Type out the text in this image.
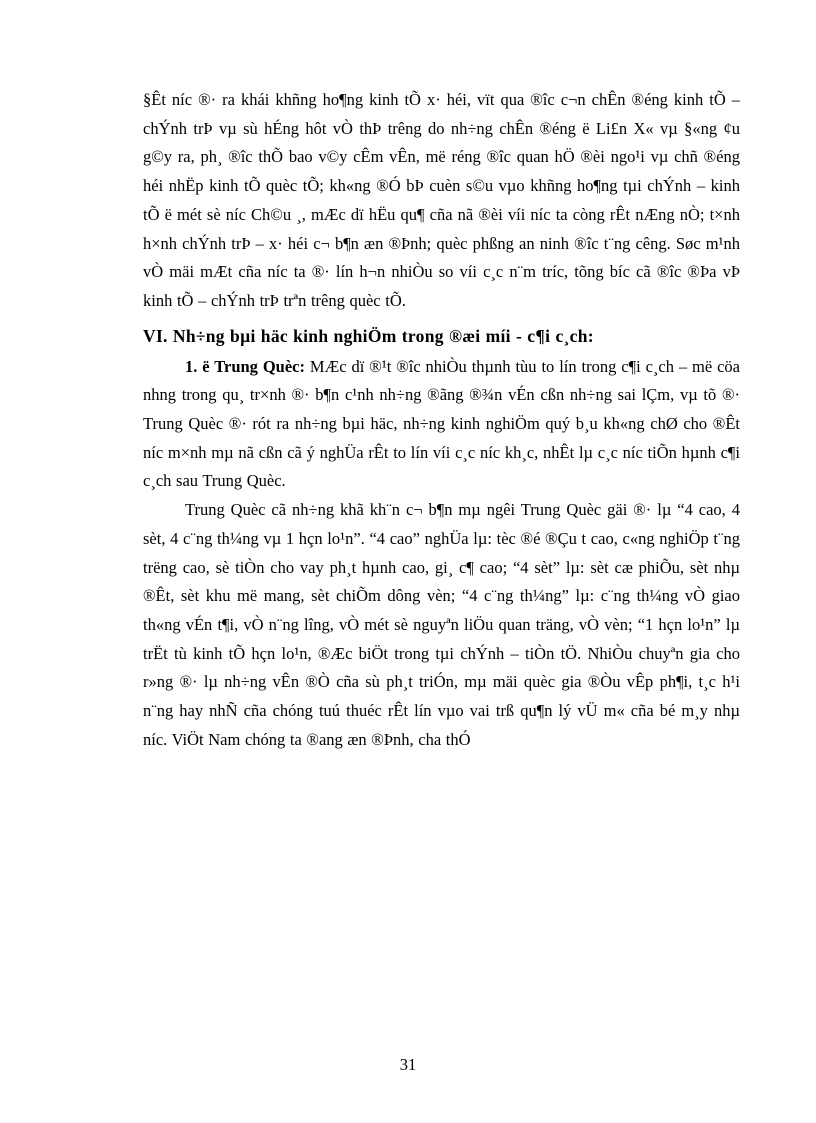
§Êt níc ®· ra khái khñng ho¶ng kinh tÕ x· héi, vït qua ®îc c¬n chÊn ®éng kinh tÕ – chÝnh trÞ vµ sù hÉng hôt vÒ thÞ trêng do nh÷ng chÊn ®éng ë Li£n X« vµ §«ng ¢u g©y ra, ph¸ ®îc thÕ bao v©y cÊm vÊn, më réng ®îc quan hÖ ®èi ngo¹i vµ chñ ®éng héi nhËp kinh tÕ quèc tÕ; kh«ng ®Ó bÞ cuèn s©u vµo khñng ho¶ng tµi chÝnh – kinh tÕ ë mét sè níc Ch©u ¸, mÆc dï hËu qu¶ cña nã ®èi víi níc ta còng rÊt nÆng nÒ; t×nh h×nh chÝnh trÞ – x· héi c¬ b¶n æn ®Þnh; quèc phßng an ninh ®îc t¨ng cêng. Søc m¹nh vÒ mäi mÆt cña níc ta ®· lín h¬n nhiÒu so víi c¸c n¨m tríc, tõng bíc cã ®îc ®Þa vÞ kinh tÕ – chÝnh trÞ trªn trêng quèc tÕ.

VI. Nh÷ng bµi häc kinh nghiÖm trong ®æi míi - c¶i c¸ch:

1. ë Trung Quèc: MÆc dï ®¹t ®îc nhiÒu thµnh tùu to lín trong c¶i c¸ch – më cöa nhng trong qu¸ tr×nh ®· b¶n c¹nh nh÷ng ®ãng ®¾n vÉn cßn nh÷ng sai lÇm, vµ tõ ®· Trung Quèc ®· rót ra nh÷ng bµi häc, nh÷ng kinh nghiÖm quý b¸u kh«ng chØ cho ®Êt níc m×nh mµ nã cßn cã ý nghÜa rÊt to lín víi c¸c níc kh¸c, nhÊt lµ c¸c níc tiÕn hµnh c¶i c¸ch sau Trung Quèc.

Trung Quèc cã nh÷ng khã kh¨n c¬ b¶n mµ ngêi Trung Quèc gäi ®· lµ “4 cao, 4 sèt, 4 c¨ng th¼ng vµ 1 hçn lo¹n”. “4 cao” nghÜa lµ: tèc ®é ®Çu t cao, c«ng nghiÖp t¨ng trëng cao, sè tiÒn cho vay ph¸t hµnh cao, gi¸ c¶ cao; “4 sèt” lµ: sèt cæ phiÕu, sèt nhµ ®Êt, sèt khu më mang, sèt chiÕm dông vèn; “4 c¨ng th¼ng” lµ: c¨ng th¼ng vÒ giao th«ng vÉn t¶i, vÒ n¨ng lîng, vÒ mét sè nguyªn liÖu quan träng, vÒ vèn; “1 hçn lo¹n” lµ trËt tù kinh tÕ hçn lo¹n, ®Æc biÖt trong tµi chÝnh – tiÒn tÖ. NhiÒu chuyªn gia cho r»ng ®· lµ nh÷ng vÊn ®Ò cña sù ph¸t triÓn, mµ mäi quèc gia ®Òu vÊp ph¶i, t¸c h¹i n¨ng hay nhÑ cña chóng tuú thuéc rÊt lín vµo vai trß qu¶n lý vÜ m« cña bé m¸y nhµ níc. ViÖt Nam chóng ta ®ang æn ®Þnh, cha thÓ

31
